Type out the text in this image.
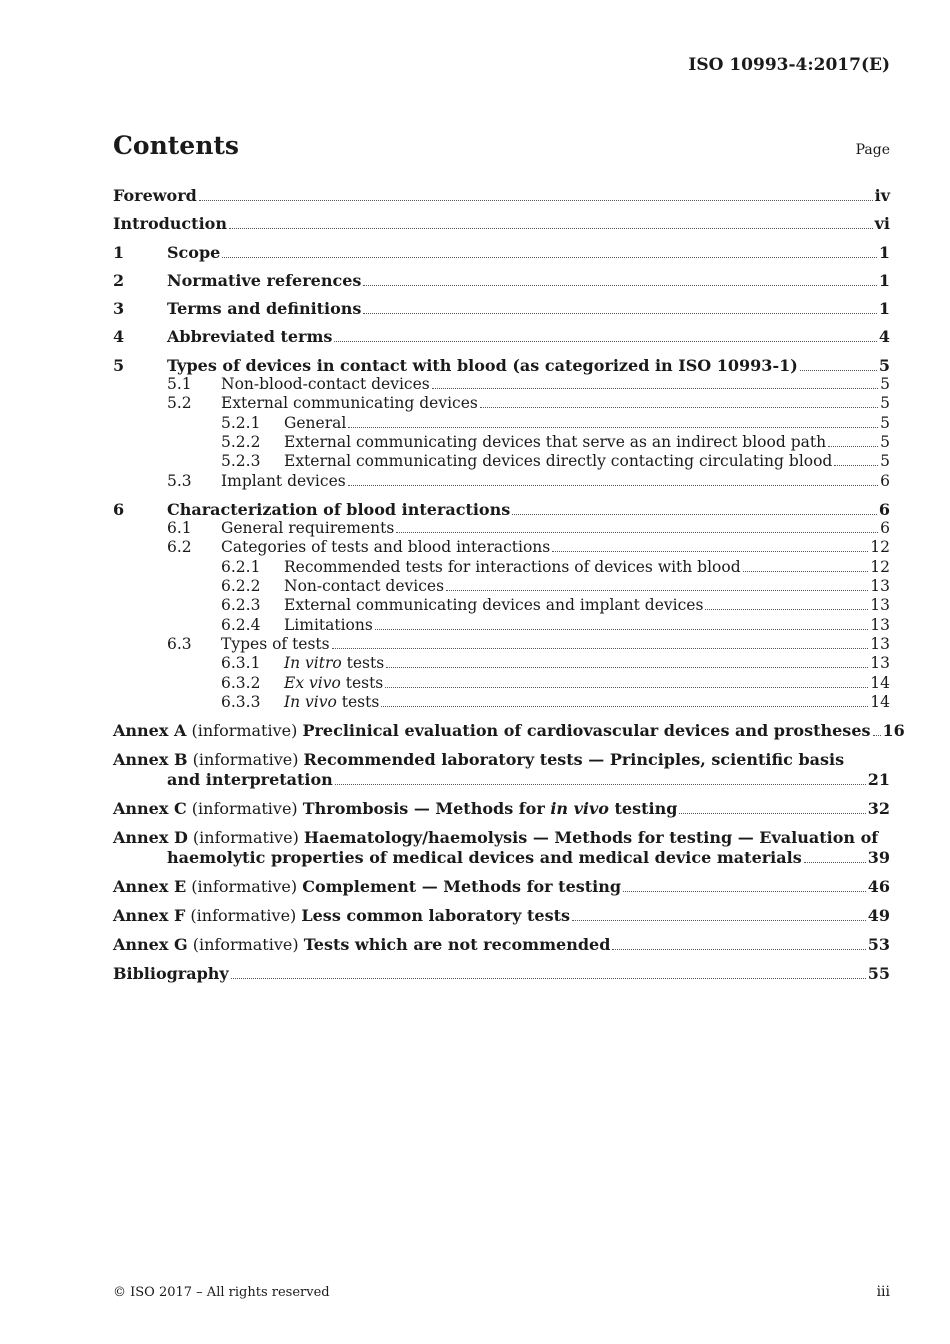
ISO 10993-4:2017(E)
Contents	Page
Foreword	iv
Introduction	vi
1	Scope	1
2	Normative references	1
3	Terms and definitions	1
4	Abbreviated terms	4
5	Types of devices in contact with blood (as categorized in ISO 10993-1)	5
5.1	Non-blood-contact devices	5
5.2	External communicating devices	5
5.2.1	General	5
5.2.2	External communicating devices that serve as an indirect blood path	5
5.2.3	External communicating devices directly contacting circulating blood	5
5.3	Implant devices	6
6	Characterization of blood interactions	6
6.1	General requirements	6
6.2	Categories of tests and blood interactions	12
6.2.1	Recommended tests for interactions of devices with blood	12
6.2.2	Non-contact devices	13
6.2.3	External communicating devices and implant devices	13
6.2.4	Limitations	13
6.3	Types of tests	13
6.3.1	In vitro tests	13
6.3.2	Ex vivo tests	14
6.3.3	In vivo tests	14
Annex A (informative) Preclinical evaluation of cardiovascular devices and prostheses 16
Annex B (informative) Recommended laboratory tests — Principles, scientific basis
and interpretation	21
Annex C (informative) Thrombosis — Methods for in vivo testing	32
Annex D (informative) Haematology/haemolysis — Methods for testing — Evaluation of
haemolytic properties of medical devices and medical device materials	39
Annex E (informative) Complement — Methods for testing	46
Annex F (informative) Less common laboratory tests	49
Annex G (informative) Tests which are not recommended	53
Bibliography	55
© ISO 2017 – All rights reserved	iii
